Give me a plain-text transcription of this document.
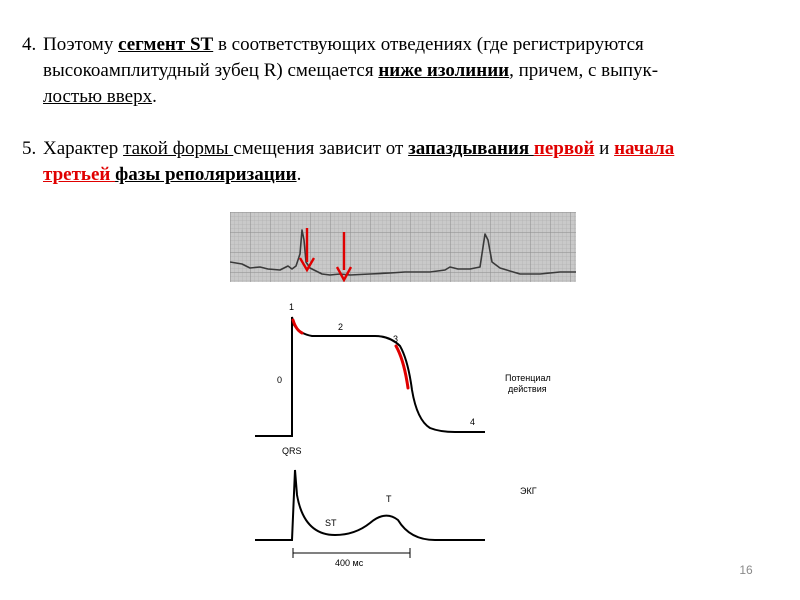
4. Поэтому сегмент ST в соответствующих отведениях (где регистрируются
высокоамплитудный зубец R) смещается ниже изолинии, причем, с выпук-
лостью вверх.
5. Характер такой формы смещения зависит от запаздывания первой и начала
третьей фазы реполяризации.
1
2
3
0
4
Потенциал
действия
QRS
ST
T
ЭКГ
400 мс	16
